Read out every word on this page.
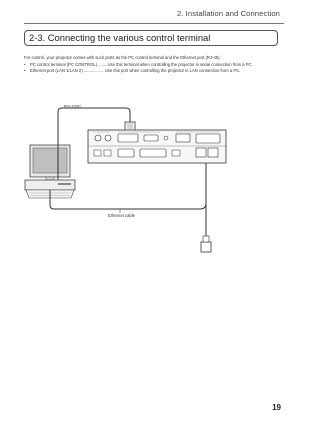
2. Installation and Connection
2-3. Connecting the various control terminal
For control, your projector comes with such ports as the PC control terminal and the Ethernet port (RJ-45).
•	PC control terminal (PC CONTROL) ....... Use this terminal when controlling the projector in serial connection from a PC.
•	Ethernet port (LAN 1/LAN 2) ................. Use this port when controlling the projector in LAN connection from a PC.
RS-232C
Ethernet cable
19
